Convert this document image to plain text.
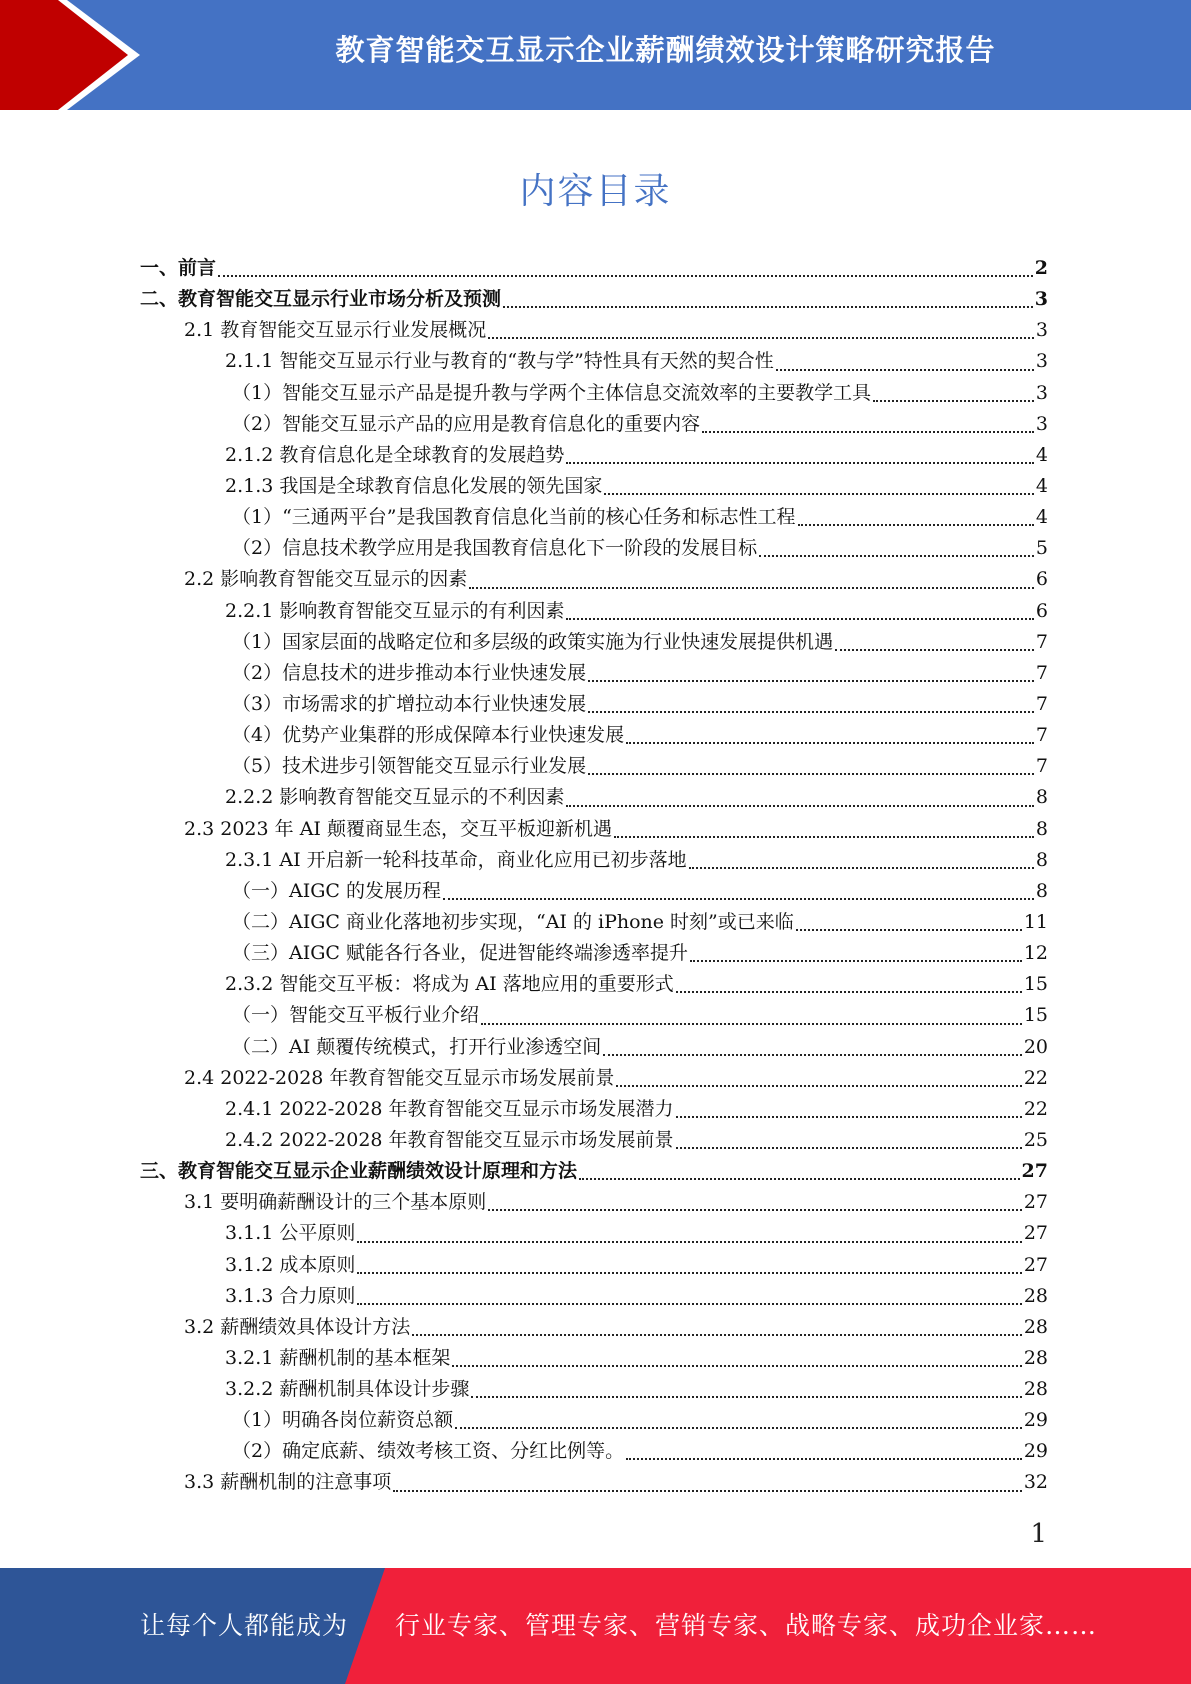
教育智能交互显示企业薪酬绩效设计策略研究报告
内容目录
一、前言	2
二、教育智能交互显示行业市场分析及预测	3
2.1 教育智能交互显示行业发展概况	3
2.1.1 智能交互显示行业与教育的“教与学”特性具有天然的契合性	3
（1）智能交互显示产品是提升教与学两个主体信息交流效率的主要教学工具	3
（2）智能交互显示产品的应用是教育信息化的重要内容	3
2.1.2 教育信息化是全球教育的发展趋势	4
2.1.3 我国是全球教育信息化发展的领先国家	4
（1）“三通两平台”是我国教育信息化当前的核心任务和标志性工程	4
（2）信息技术教学应用是我国教育信息化下一阶段的发展目标	5
2.2 影响教育智能交互显示的因素	6
2.2.1 影响教育智能交互显示的有利因素	6
（1）国家层面的战略定位和多层级的政策实施为行业快速发展提供机遇	7
（2）信息技术的进步推动本行业快速发展	7
（3）市场需求的扩增拉动本行业快速发展	7
（4）优势产业集群的形成保障本行业快速发展	7
（5）技术进步引领智能交互显示行业发展	7
2.2.2 影响教育智能交互显示的不利因素	8
2.3 2023 年 AI 颠覆商显生态，交互平板迎新机遇	8
2.3.1 AI 开启新一轮科技革命，商业化应用已初步落地	8
（一）AIGC 的发展历程	8
（二）AIGC 商业化落地初步实现，“AI 的 iPhone 时刻”或已来临	11
（三）AIGC 赋能各行各业，促进智能终端渗透率提升	12
2.3.2 智能交互平板：将成为 AI 落地应用的重要形式	15
（一）智能交互平板行业介绍	15
（二）AI 颠覆传统模式，打开行业渗透空间	20
2.4 2022-2028 年教育智能交互显示市场发展前景	22
2.4.1 2022-2028 年教育智能交互显示市场发展潜力	22
2.4.2 2022-2028 年教育智能交互显示市场发展前景	25
三、教育智能交互显示企业薪酬绩效设计原理和方法	27
3.1 要明确薪酬设计的三个基本原则	27
3.1.1 公平原则	27
3.1.2 成本原则	27
3.1.3 合力原则	28
3.2 薪酬绩效具体设计方法	28
3.2.1 薪酬机制的基本框架	28
3.2.2 薪酬机制具体设计步骤	28
（1）明确各岗位薪资总额	29
（2）确定底薪、绩效考核工资、分红比例等。	29
3.3 薪酬机制的注意事项	32
1
让每个人都能成为 行业专家、管理专家、营销专家、战略专家、成功企业家……
